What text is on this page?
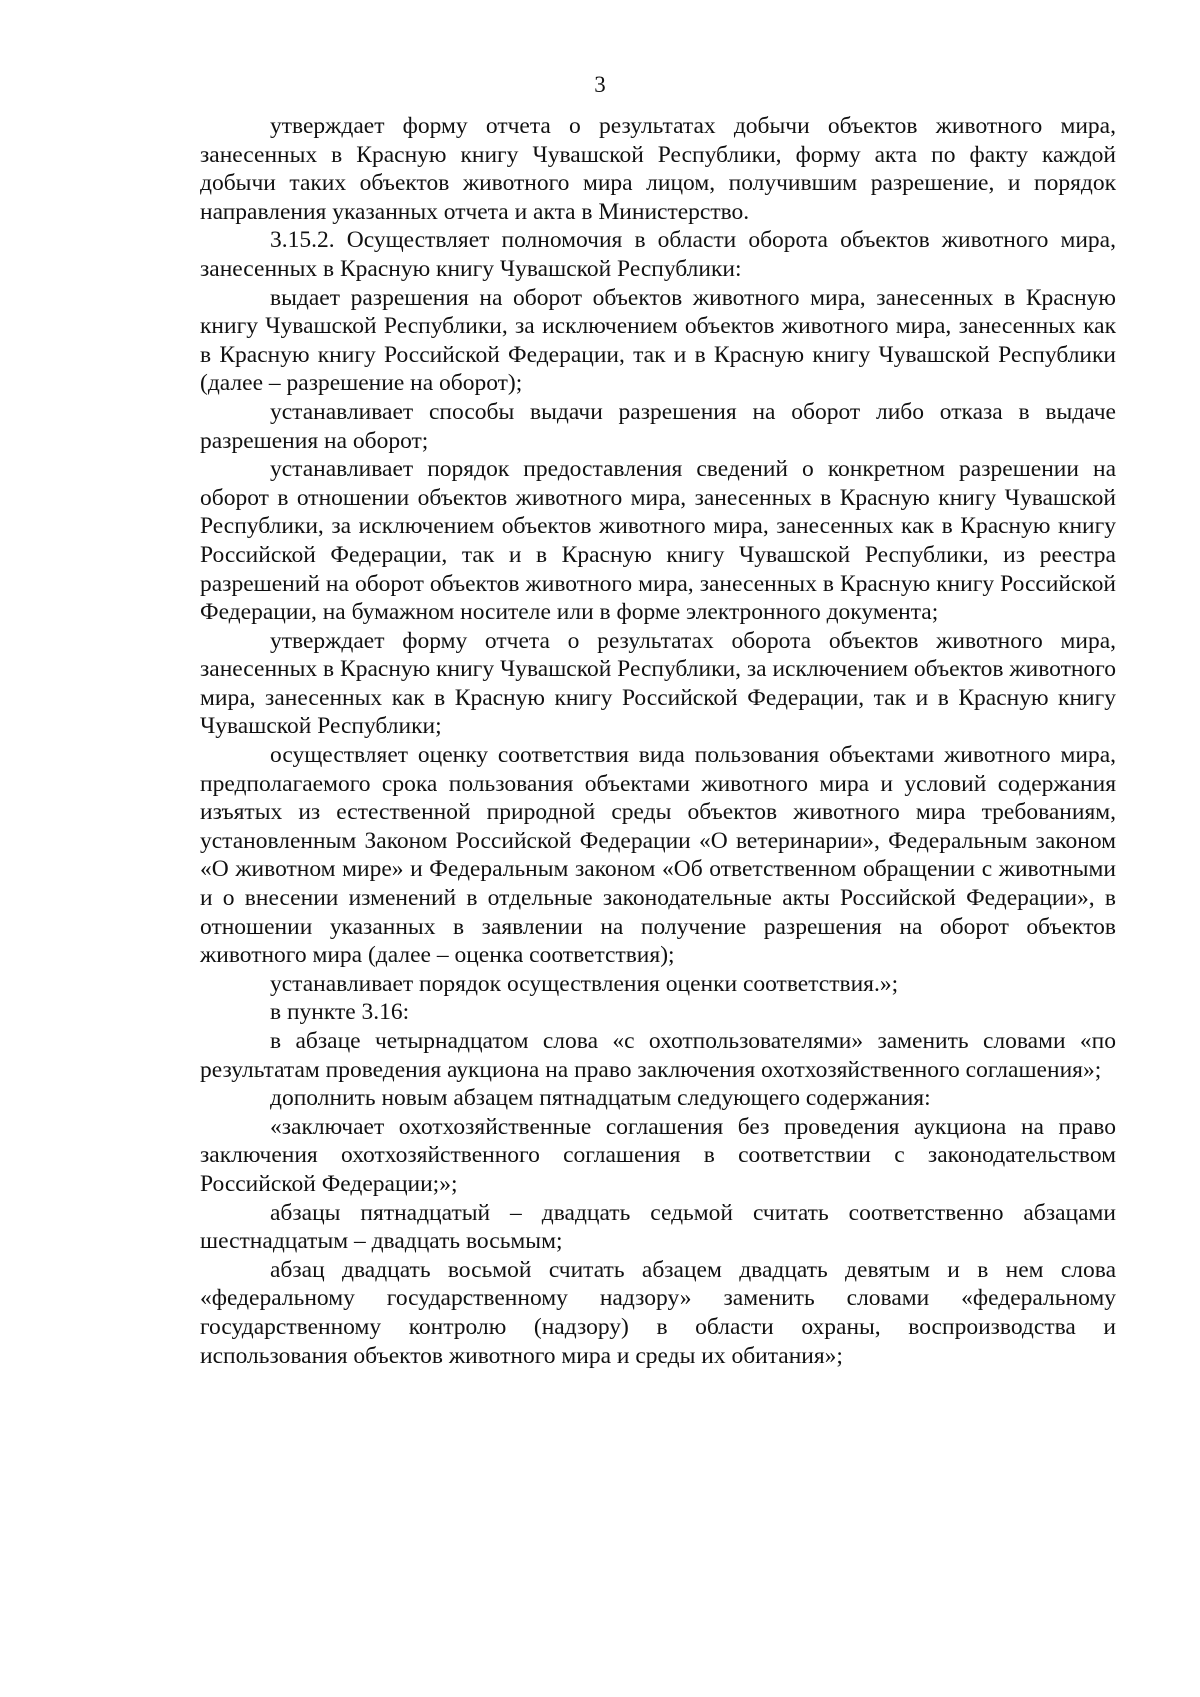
3

утверждает форму отчета о результатах добычи объектов животного мира, занесенных в Красную книгу Чувашской Республики, форму акта по факту каждой добычи таких объектов животного мира лицом, получившим разрешение, и порядок направления указанных отчета и акта в Министерство.

3.15.2. Осуществляет полномочия в области оборота объектов животного мира, занесенных в Красную книгу Чувашской Республики:

выдает разрешения на оборот объектов животного мира, занесенных в Красную книгу Чувашской Республики, за исключением объектов животного мира, занесенных как в Красную книгу Российской Федерации, так и в Красную книгу Чувашской Республики (далее – разрешение на оборот);

устанавливает способы выдачи разрешения на оборот либо отказа в выдаче разрешения на оборот;

устанавливает порядок предоставления сведений о конкретном разрешении на оборот в отношении объектов животного мира, занесенных в Красную книгу Чувашской Республики, за исключением объектов животного мира, занесенных как в Красную книгу Российской Федерации, так и в Красную книгу Чувашской Республики, из реестра разрешений на оборот объектов животного мира, занесенных в Красную книгу Российской Федерации, на бумажном носителе или в форме электронного документа;

утверждает форму отчета о результатах оборота объектов животного мира, занесенных в Красную книгу Чувашской Республики, за исключением объектов животного мира, занесенных как в Красную книгу Российской Федерации, так и в Красную книгу Чувашской Республики;

осуществляет оценку соответствия вида пользования объектами животного мира, предполагаемого срока пользования объектами животного мира и условий содержания изъятых из естественной природной среды объектов животного мира требованиям, установленным Законом Российской Федерации «О ветеринарии», Федеральным законом «О животном мире» и Федеральным законом «Об ответственном обращении с животными и о внесении изменений в отдельные законодательные акты Российской Федерации», в отношении указанных в заявлении на получение разрешения на оборот объектов животного мира (далее – оценка соответствия);

устанавливает порядок осуществления оценки соответствия.»;

в пункте 3.16:

в абзаце четырнадцатом слова «с охотпользователями» заменить словами «по результатам проведения аукциона на право заключения охотхозяйственного соглашения»;

дополнить новым абзацем пятнадцатым следующего содержания:

«заключает охотхозяйственные соглашения без проведения аукциона на право заключения охотхозяйственного соглашения в соответствии с законодательством Российской Федерации;»;

абзацы пятнадцатый – двадцать седьмой считать соответственно абзацами шестнадцатым – двадцать восьмым;

абзац двадцать восьмой считать абзацем двадцать девятым и в нем слова «федеральному государственному надзору» заменить словами «федеральному государственному контролю (надзору) в области охраны, воспроизводства и использования объектов животного мира и среды их обитания»;
